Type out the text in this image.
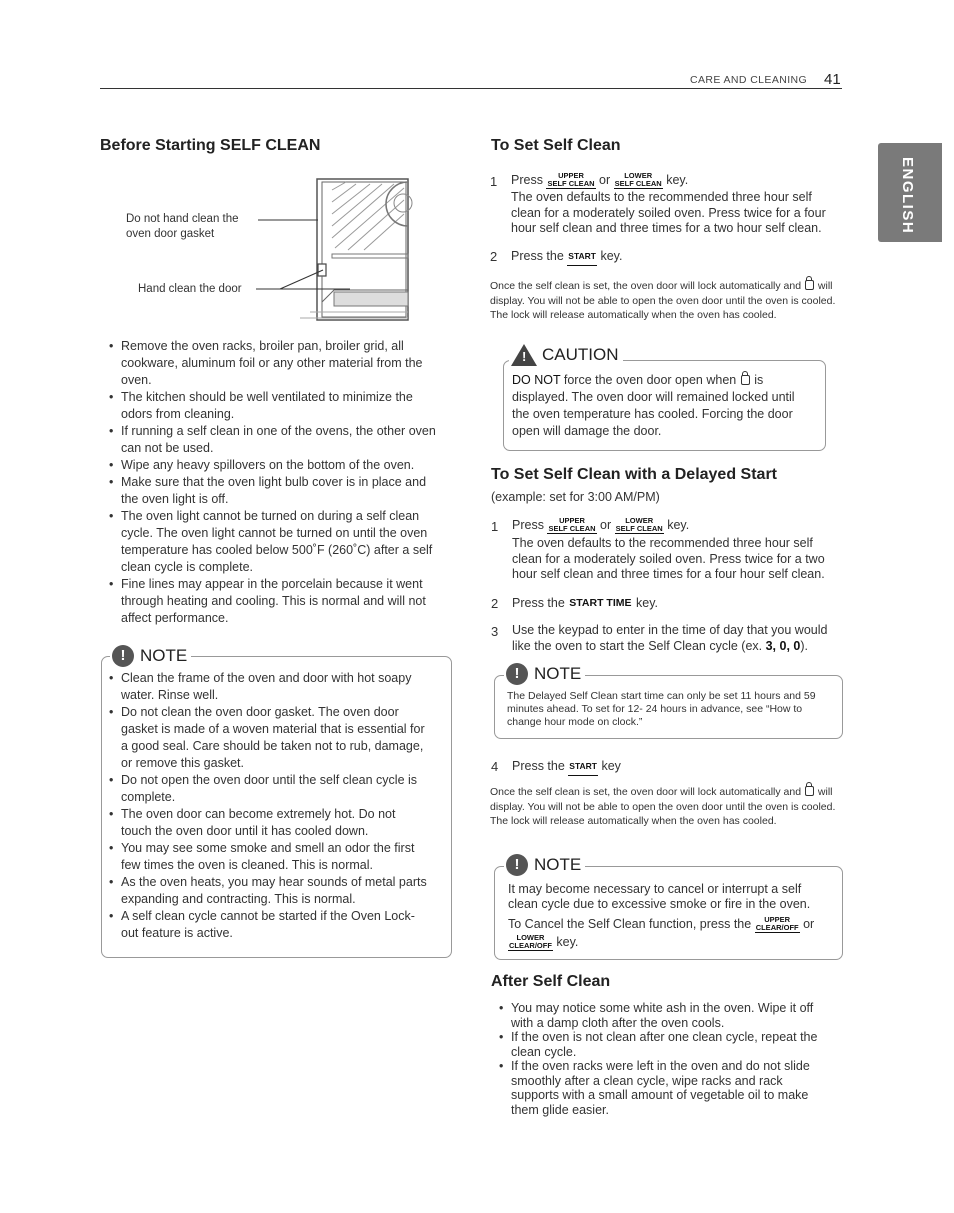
CARE AND CLEANING 41
ENGLISH
Before Starting SELF CLEAN
Do not hand clean the oven door gasket
Hand clean the door
• Remove the oven racks, broiler pan, broiler grid, all cookware, aluminum foil or any other material from the oven.
• The kitchen should be well ventilated to minimize the odors from cleaning.
• If running a self clean in one of the ovens, the other oven can not be used.
• Wipe any heavy spillovers on the bottom of the oven.
• Make sure that the oven light bulb cover is in place and the oven light is off.
• The oven light cannot be turned on during a self clean cycle. The oven light cannot be turned on until the oven temperature has cooled below 500˚F (260˚C) after a self clean cycle is complete.
• Fine lines may appear in the porcelain because it went through heating and cooling. This is normal and will not affect performance.
! NOTE
• Clean the frame of the oven and door with hot soapy water. Rinse well.
• Do not clean the oven door gasket. The oven door gasket is made of a woven material that is essential for a good seal. Care should be taken not to rub, damage, or remove this gasket.
• Do not open the oven door until the self clean cycle is complete.
• The oven door can become extremely hot. Do not touch the oven door until it has cooled down.
• You may see some smoke and smell an odor the first few times the oven is cleaned. This is normal.
• As the oven heats, you may hear sounds of metal parts expanding and contracting. This is normal.
• A self clean cycle cannot be started if the Oven Lock-out feature is active.
To Set Self Clean
1 Press UPPER
SELF CLEAN or LOWER
SELF CLEAN key.
The oven defaults to the recommended three hour self clean for a moderately soiled oven. Press twice for a four hour self clean and three times for a two hour self clean.
2 Press the START key.
Once the self clean is set, the oven door will lock automatically and will display. You will not be able to open the oven door until the oven is cooled. The lock will release automatically when the oven has cooled.
! CAUTION
DO NOT force the oven door open when is displayed. The oven door will remained locked until the oven temperature has cooled. Forcing the door open will damage the door.
To Set Self Clean with a Delayed Start
(example: set for 3:00 AM/PM)
1 Press UPPER
SELF CLEAN or LOWER
SELF CLEAN key.
The oven defaults to the recommended three hour self clean for a moderately soiled oven. Press twice for a two hour self clean and three times for a four hour self clean.
2 Press the START TIME key.
3 Use the keypad to enter in the time of day that you would like the oven to start the Self Clean cycle (ex. 3, 0, 0).
! NOTE
The Delayed Self Clean start time can only be set 11 hours and 59 minutes ahead. To set for 12- 24 hours in advance, see “How to change hour mode on clock.”
4 Press the START key
Once the self clean is set, the oven door will lock automatically and will display. You will not be able to open the oven door until the oven is cooled. The lock will release automatically when the oven has cooled.
! NOTE
It may become necessary to cancel or interrupt a self clean cycle due to excessive smoke or fire in the oven.
To Cancel the Self Clean function, press the UPPER
CLEAR/OFF or LOWER
CLEAR/OFF key.
After Self Clean
• You may notice some white ash in the oven. Wipe it off with a damp cloth after the oven cools.
• If the oven is not clean after one clean cycle, repeat the clean cycle.
• If the oven racks were left in the oven and do not slide smoothly after a clean cycle, wipe racks and rack supports with a small amount of vegetable oil to make them glide easier.
